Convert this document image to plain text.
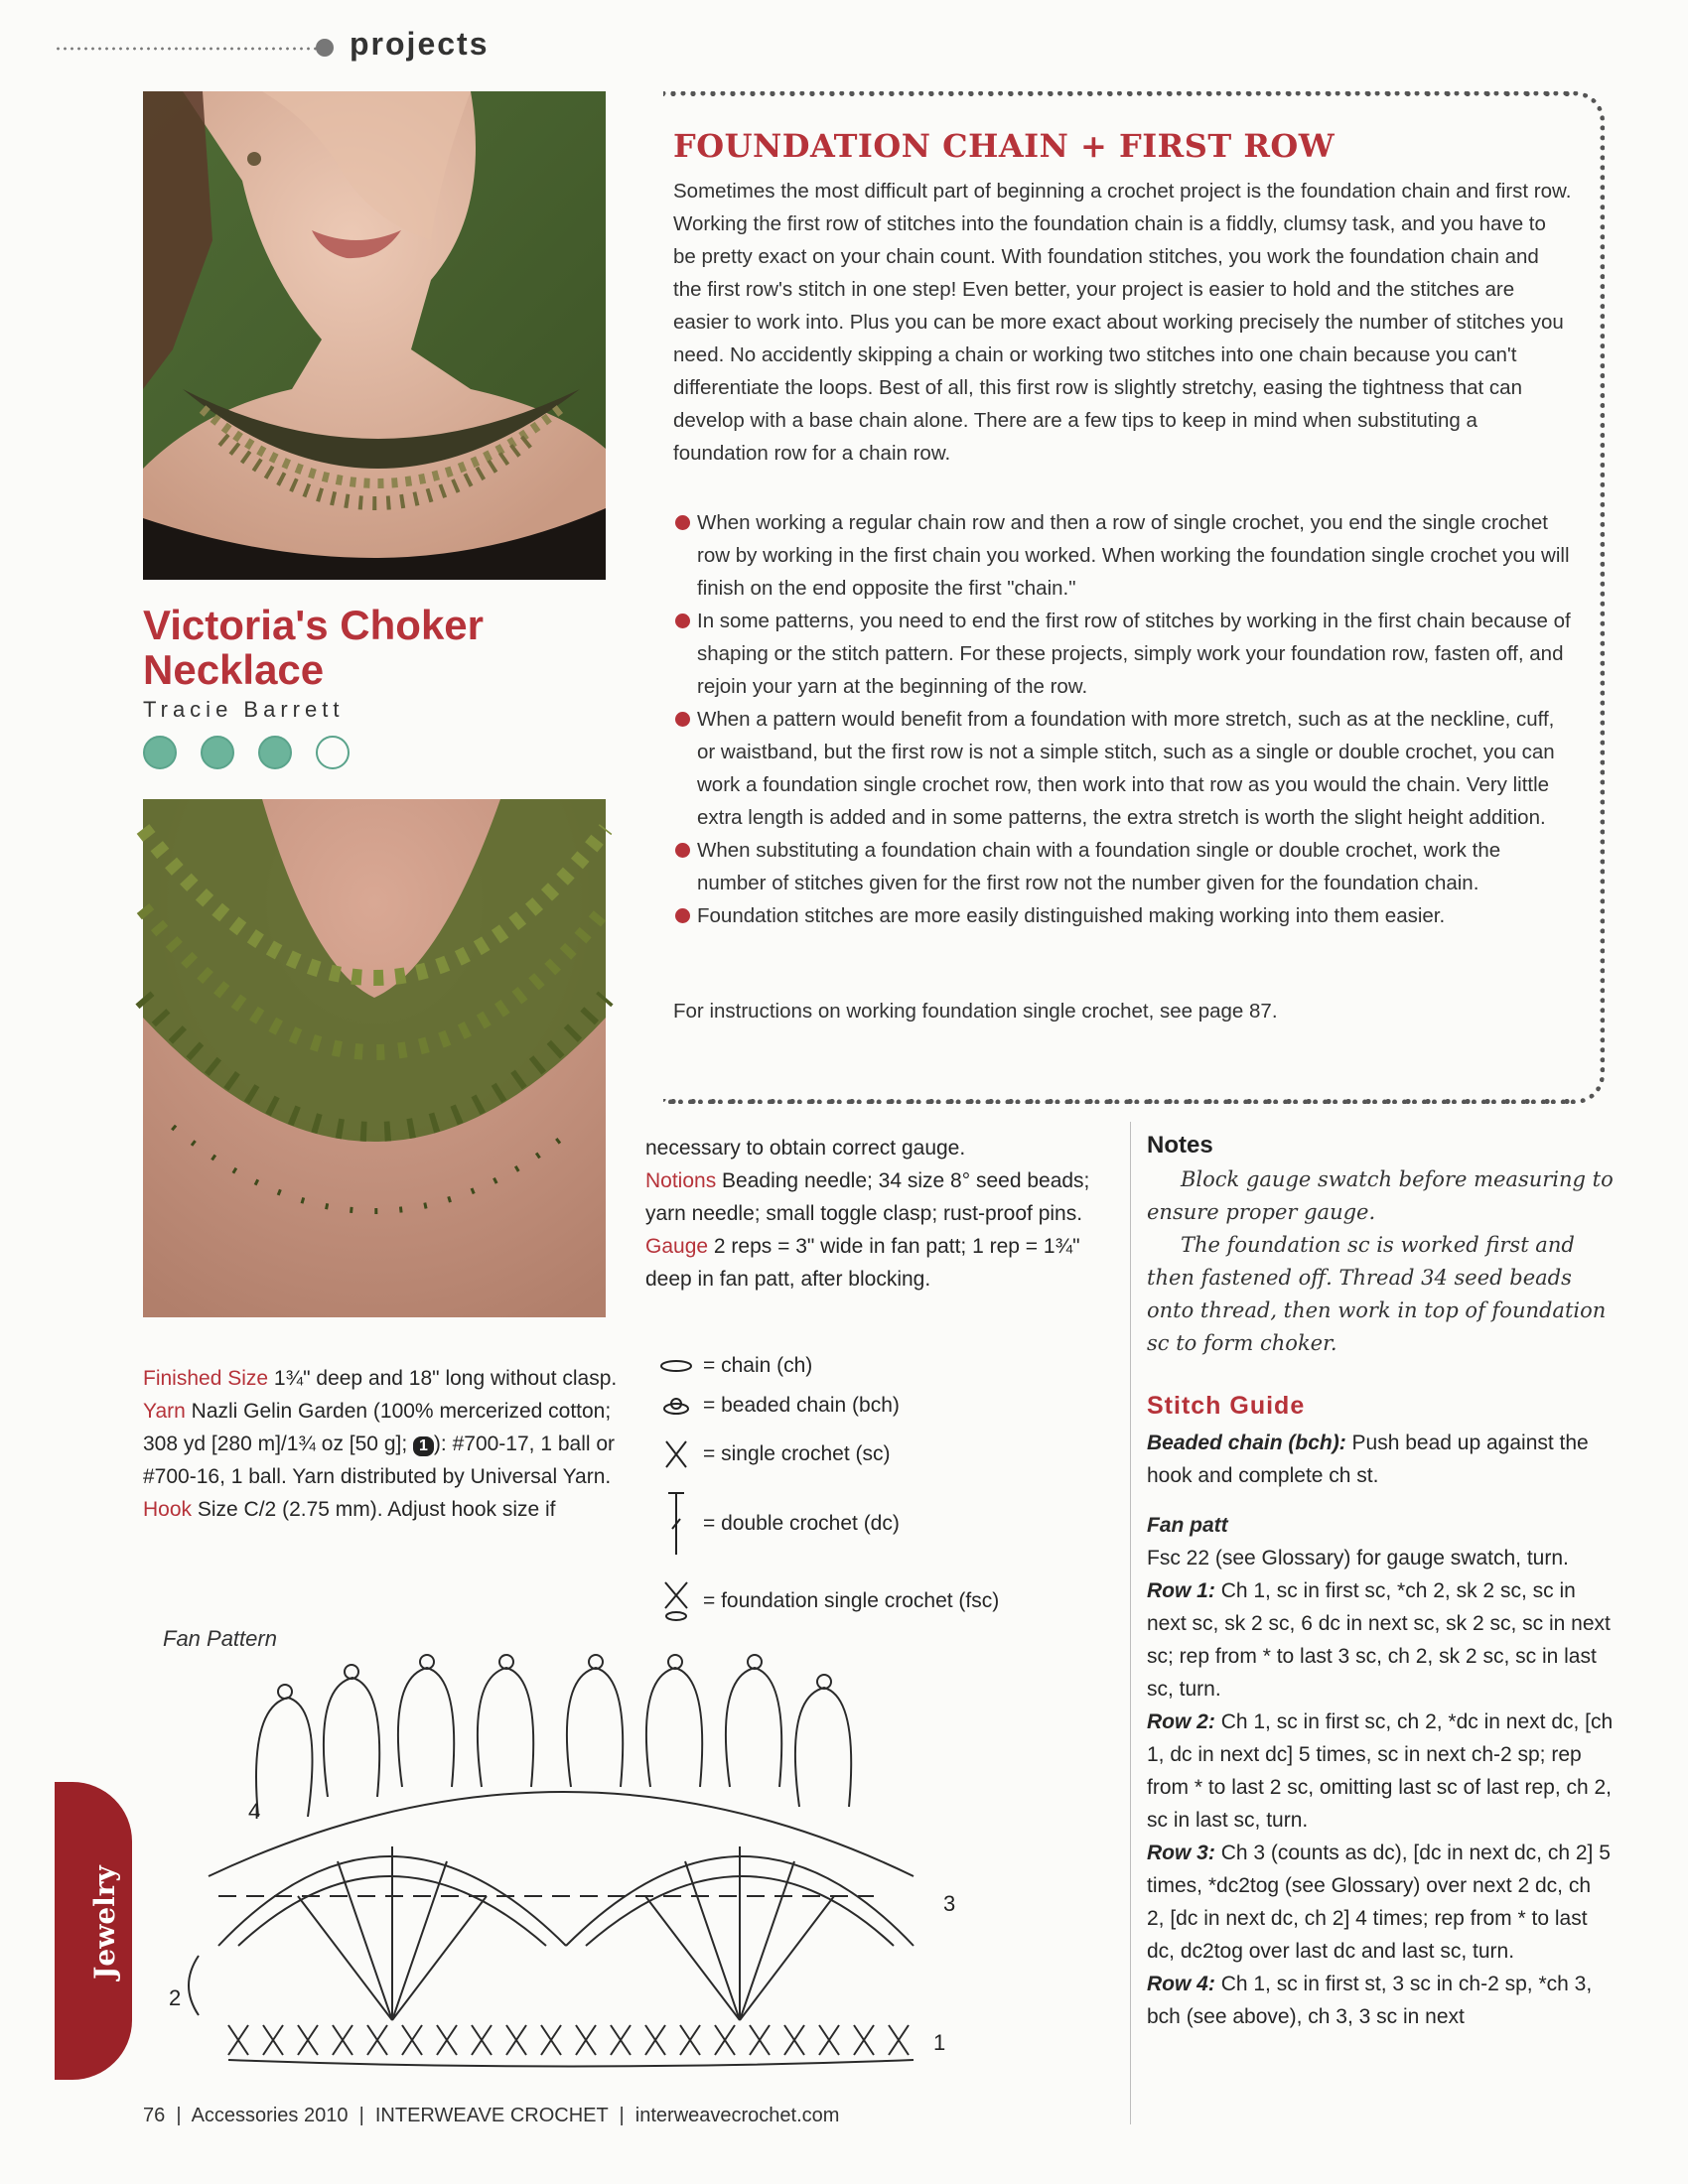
projects
Victoria's Choker
Necklace
Tracie Barrett
FOUNDATION CHAIN + FIRST ROW

Sometimes the most difficult part of beginning a crochet project is the foundation chain and first row. Working the first row of stitches into the foundation chain is a fiddly, clumsy task, and you have to be pretty exact on your chain count. With foundation stitches, you work the foundation chain and the first row's stitch in one step! Even better, your project is easier to hold and the stitches are easier to work into. Plus you can be more exact about working precisely the number of stitches you need. No accidently skipping a chain or working two stitches into one chain because you can't differentiate the loops. Best of all, this first row is slightly stretchy, easing the tightness that can develop with a base chain alone. There are a few tips to keep in mind when substituting a foundation row for a chain row.

When working a regular chain row and then a row of single crochet, you end the single crochet row by working in the first chain you worked. When working the foundation single crochet you will finish on the end opposite the first "chain."
In some patterns, you need to end the first row of stitches by working in the first chain because of shaping or the stitch pattern. For these projects, simply work your foundation row, fasten off, and rejoin your yarn at the beginning of the row.
When a pattern would benefit from a foundation with more stretch, such as at the neckline, cuff, or waistband, but the first row is not a simple stitch, such as a single or double crochet, you can work a foundation single crochet row, then work into that row as you would the chain. Very little extra length is added and in some patterns, the extra stretch is worth the slight height addition.
When substituting a foundation chain with a foundation single or double crochet, work the number of stitches given for the first row not the number given for the foundation chain.
Foundation stitches are more easily distinguished making working into them easier.
For instructions on working foundation single crochet, see page 87.

Finished Size 1¾" deep and 18" long without clasp.

Yarn Nazli Gelin Garden (100% mercerized cotton; 308 yd [280 m]/1¾ oz [50 g]; 1 ): #700-17, 1 ball or #700-16, 1 ball. Yarn distributed by Universal Yarn.

Hook Size C/2 (2.75 mm). Adjust hook size if

necessary to obtain correct gauge.

Notions Beading needle; 34 size 8° seed beads; yarn needle; small toggle clasp; rust-proof pins.

Gauge 2 reps = 3" wide in fan patt; 1 rep = 1¾" deep in fan patt, after blocking.

= chain (ch)
= beaded chain (bch)
= single crochet (sc)
= double crochet (dc)
= foundation single crochet (fsc)
Fan Pattern
2
1
3
4

Notes

Block gauge swatch before measuring to ensure proper gauge.

The foundation sc is worked first and then fastened off. Thread 34 seed beads onto thread, then work in top of foundation sc to form choker.

Stitch Guide

Beaded chain (bch): Push bead up against the hook and complete ch st.

Fan patt

Fsc 22 (see Glossary) for gauge swatch, turn.

Row 1: Ch 1, sc in first sc, *ch 2, sk 2 sc, sc in next sc, sk 2 sc, 6 dc in next sc, sk 2 sc, sc in next sc; rep from * to last 3 sc, ch 2, sk 2 sc, sc in last sc, turn.

Row 2: Ch 1, sc in first sc, ch 2, *dc in next dc, [ch 1, dc in next dc] 5 times, sc in next ch-2 sp; rep from * to last 2 sc, omitting last sc of last rep, ch 2, sc in last sc, turn.

Row 3: Ch 3 (counts as dc), [dc in next dc, ch 2] 5 times, *dc2tog (see Glossary) over next 2 dc, ch 2, [dc in next dc, ch 2] 4 times; rep from * to last dc, dc2tog over last dc and last sc, turn.

Row 4: Ch 1, sc in first st, 3 sc in ch-2 sp, *ch 3, bch (see above), ch 3, 3 sc in next

Jewelry
76  |  Accessories 2010  |  INTERWEAVE CROCHET  |  interweavecrochet.com
